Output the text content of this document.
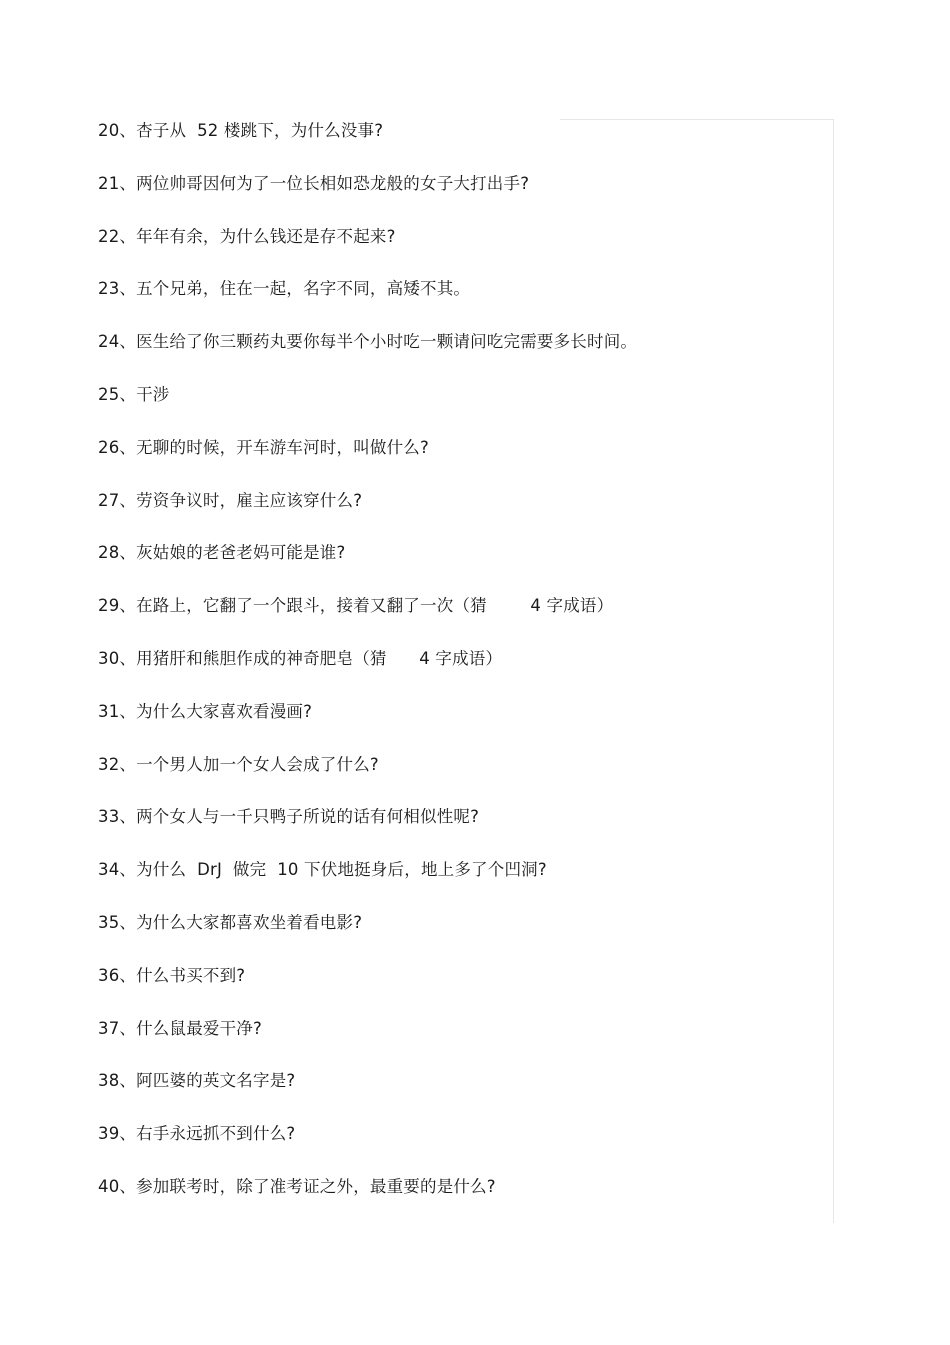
20、杏子从  52 楼跳下，为什么没事?
21、两位帅哥因何为了一位长相如恐龙般的女子大打出手?
22、年年有余，为什么钱还是存不起来?
23、五个兄弟，住在一起，名字不同，高矮不其。
24、医生给了你三颗药丸要你每半个小时吃一颗请问吃完需要多长时间。
25、干涉
26、无聊的时候，开车游车河时，叫做什么?
27、劳资争议时，雇主应该穿什么?
28、灰姑娘的老爸老妈可能是谁?
29、在路上，它翻了一个跟斗，接着又翻了一次（猜        4 字成语）
30、用猪肝和熊胆作成的神奇肥皂（猜      4 字成语）
31、为什么大家喜欢看漫画?
32、一个男人加一个女人会成了什么?
33、两个女人与一千只鸭子所说的话有何相似性呢?
34、为什么  DrJ  做完  10 下伏地挺身后，地上多了个凹洞?
35、为什么大家都喜欢坐着看电影?
36、什么书买不到?
37、什么鼠最爱干净?
38、阿匹婆的英文名字是?
39、右手永远抓不到什么?
40、参加联考时，除了准考证之外，最重要的是什么?
